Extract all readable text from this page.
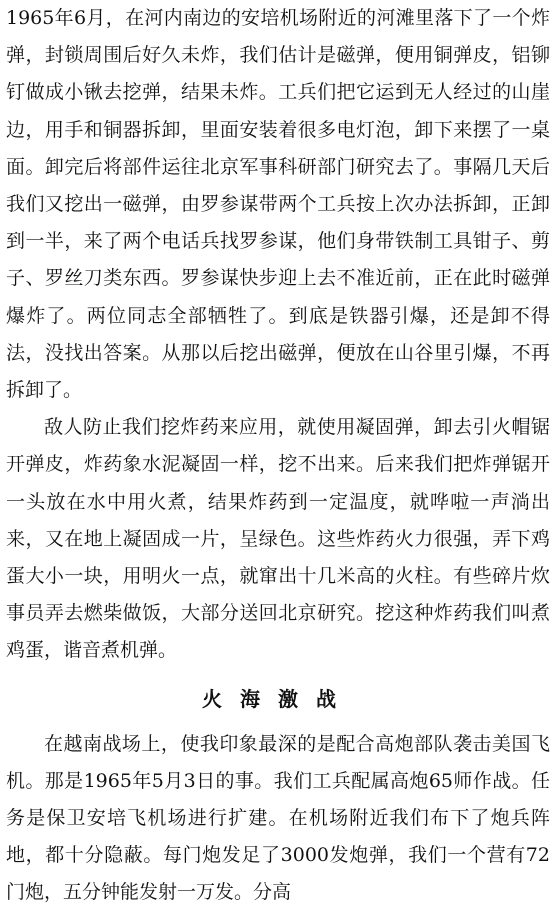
1965年6月，在河内南边的安培机场附近的河滩里落下了一个炸弹，封锁周围后好久未炸，我们估计是磁弹，便用铜弹皮，铝铆钉做成小锹去挖弹，结果未炸。工兵们把它运到无人经过的山崖边，用手和铜器拆卸，里面安装着很多电灯泡，卸下来摆了一桌面。卸完后将部件运往北京军事科研部门研究去了。事隔几天后我们又挖出一磁弹，由罗参谋带两个工兵按上次办法拆卸，正卸到一半，来了两个电话兵找罗参谋，他们身带铁制工具钳子、剪子、罗丝刀类东西。罗参谋快步迎上去不准近前，正在此时磁弹爆炸了。两位同志全部牺牲了。到底是铁器引爆，还是卸不得法，没找出答案。从那以后挖出磁弹，便放在山谷里引爆，不再拆卸了。

敌人防止我们挖炸药来应用，就使用凝固弹，卸去引火帽锯开弹皮，炸药象水泥凝固一样，挖不出来。后来我们把炸弹锯开一头放在水中用火煮，结果炸药到一定温度，就哗啦一声淌出来，又在地上凝固成一片，呈绿色。这些炸药火力很强，弄下鸡蛋大小一块，用明火一点，就窜出十几米高的火柱。有些碎片炊事员弄去燃柴做饭，大部分送回北京研究。挖这种炸药我们叫煮鸡蛋，谐音煮机弹。

火海激战

在越南战场上，使我印象最深的是配合高炮部队袭击美国飞机。那是1965年5月3日的事。我们工兵配属高炮65师作战。任务是保卫安培飞机场进行扩建。在机场附近我们布下了炮兵阵地，都十分隐蔽。每门炮发足了3000发炮弹，我们一个营有72门炮，五分钟能发射一万发。分高
